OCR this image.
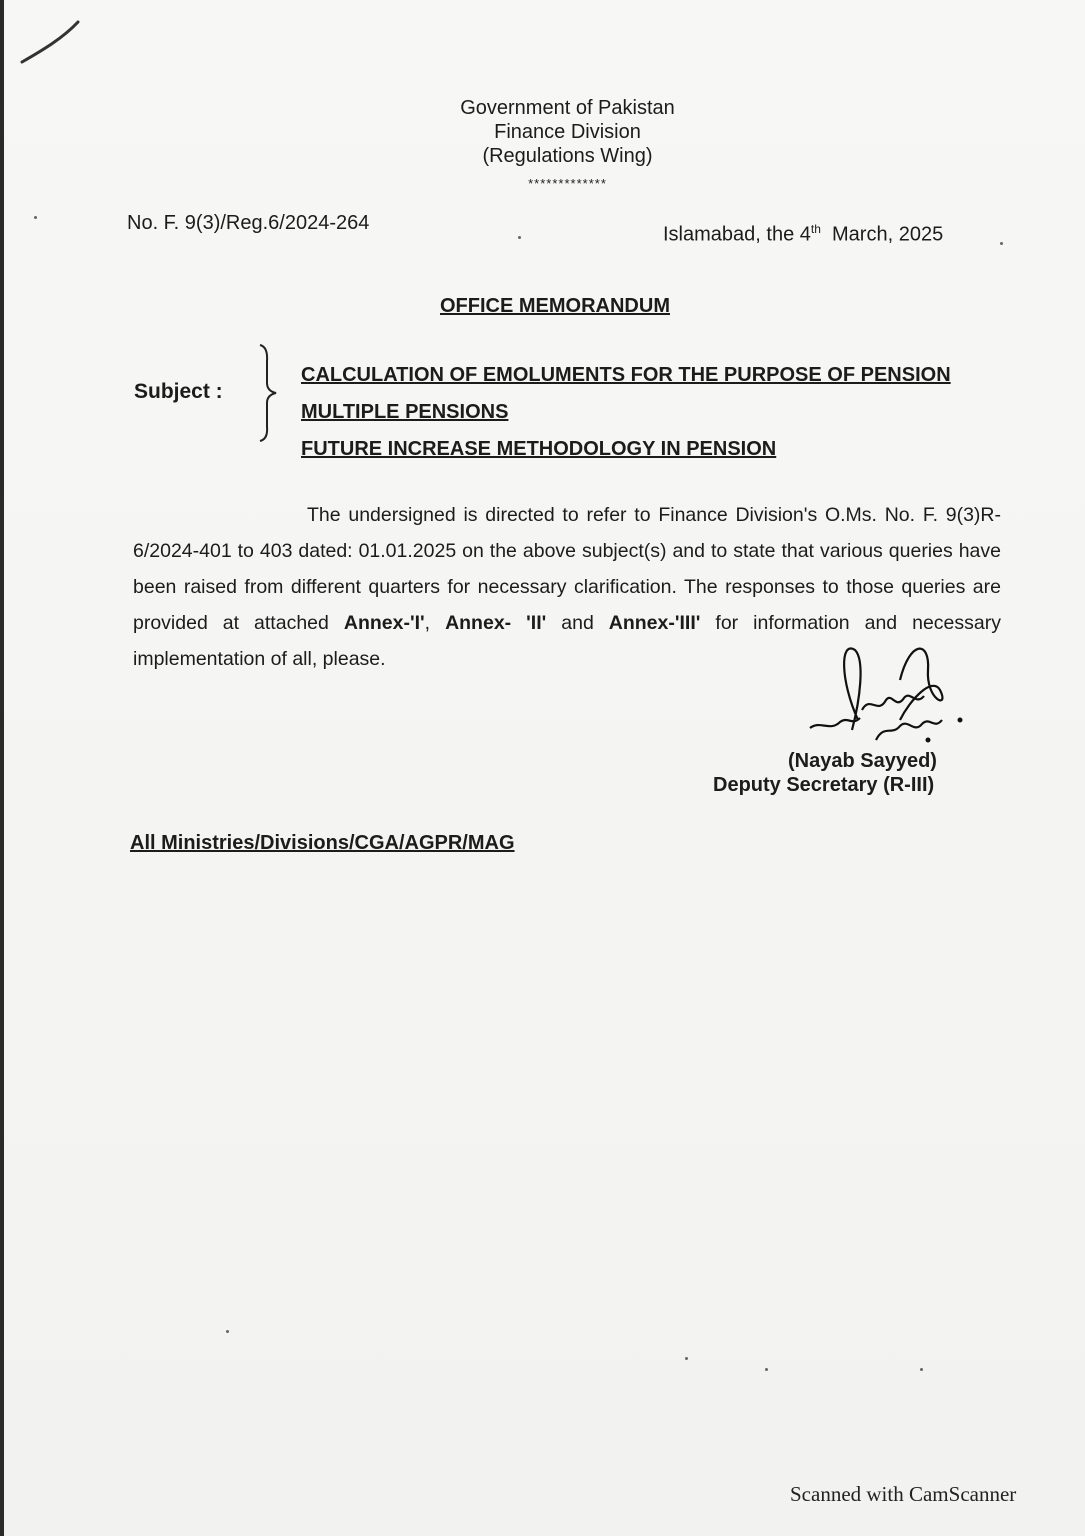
Government of Pakistan
Finance Division
(Regulations Wing)
*************
No. F. 9(3)/Reg.6/2024-264
Islamabad, the 4th March, 2025
OFFICE MEMORANDUM
Subject :
CALCULATION OF EMOLUMENTS FOR THE PURPOSE OF PENSION
MULTIPLE PENSIONS
FUTURE INCREASE METHODOLOGY IN PENSION
The undersigned is directed to refer to Finance Division's O.Ms. No. F. 9(3)R-6/2024-401 to 403 dated: 01.01.2025 on the above subject(s) and to state that various queries have been raised from different quarters for necessary clarification. The responses to those queries are provided at attached Annex-'I', Annex- 'II' and Annex-'III' for information and necessary implementation of all, please.
(Nayab Sayyed)
Deputy Secretary (R-III)
All Ministries/Divisions/CGA/AGPR/MAG
Scanned with CamScanner
